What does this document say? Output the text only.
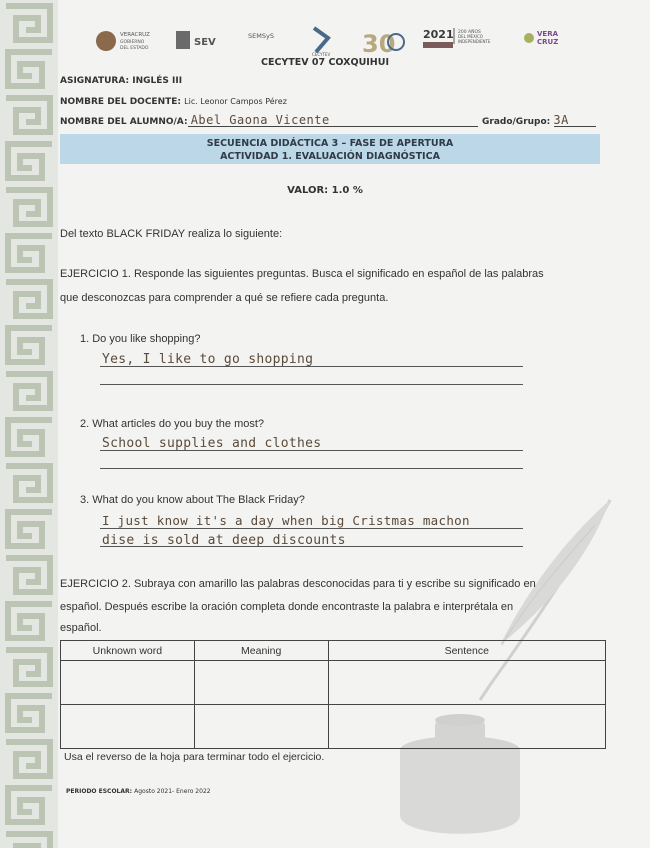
VERACRUZ
GOBIERNO
DEL ESTADO
SEV
SEMSyS
CECYTEV 30	2021 200 AÑOS
DEL MÉXICO
INDEPENDIENTE
VERA
CRUZ
CECYTEV 07 COXQUIHUI
ASIGNATURA: INGLÉS III
NOMBRE DEL DOCENTE: Lic. Leonor Campos Pérez
NOMBRE DEL ALUMNO/A: Abel Gaona Vicente	Grado/Grupo: 3A
SECUENCIA DIDÁCTICA 3 – FASE DE APERTURA
ACTIVIDAD 1. EVALUACIÓN DIAGNÓSTICA
VALOR: 1.0 %
Del texto BLACK FRIDAY realiza lo siguiente:
EJERCICIO 1. Responde las siguientes preguntas. Busca el significado en español de las palabras
que desconozcas para comprender a qué se refiere cada pregunta.
1. Do you like shopping?
Yes, I like to go shopping
2. What articles do you buy the most?
School supplies and clothes
3. What do you know about The Black Friday?
I just know it's a day when big Cristmas machon
dise is sold at deep discounts
EJERCICIO 2. Subraya con amarillo las palabras desconocidas para ti y escribe su significado en
español. Después escribe la oración completa donde encontraste la palabra e interprétala en
español.
Unknown word	Meaning	Sentence

Usa el reverso de la hoja para terminar todo el ejercicio.
PERIODO ESCOLAR: Agosto 2021- Enero 2022
